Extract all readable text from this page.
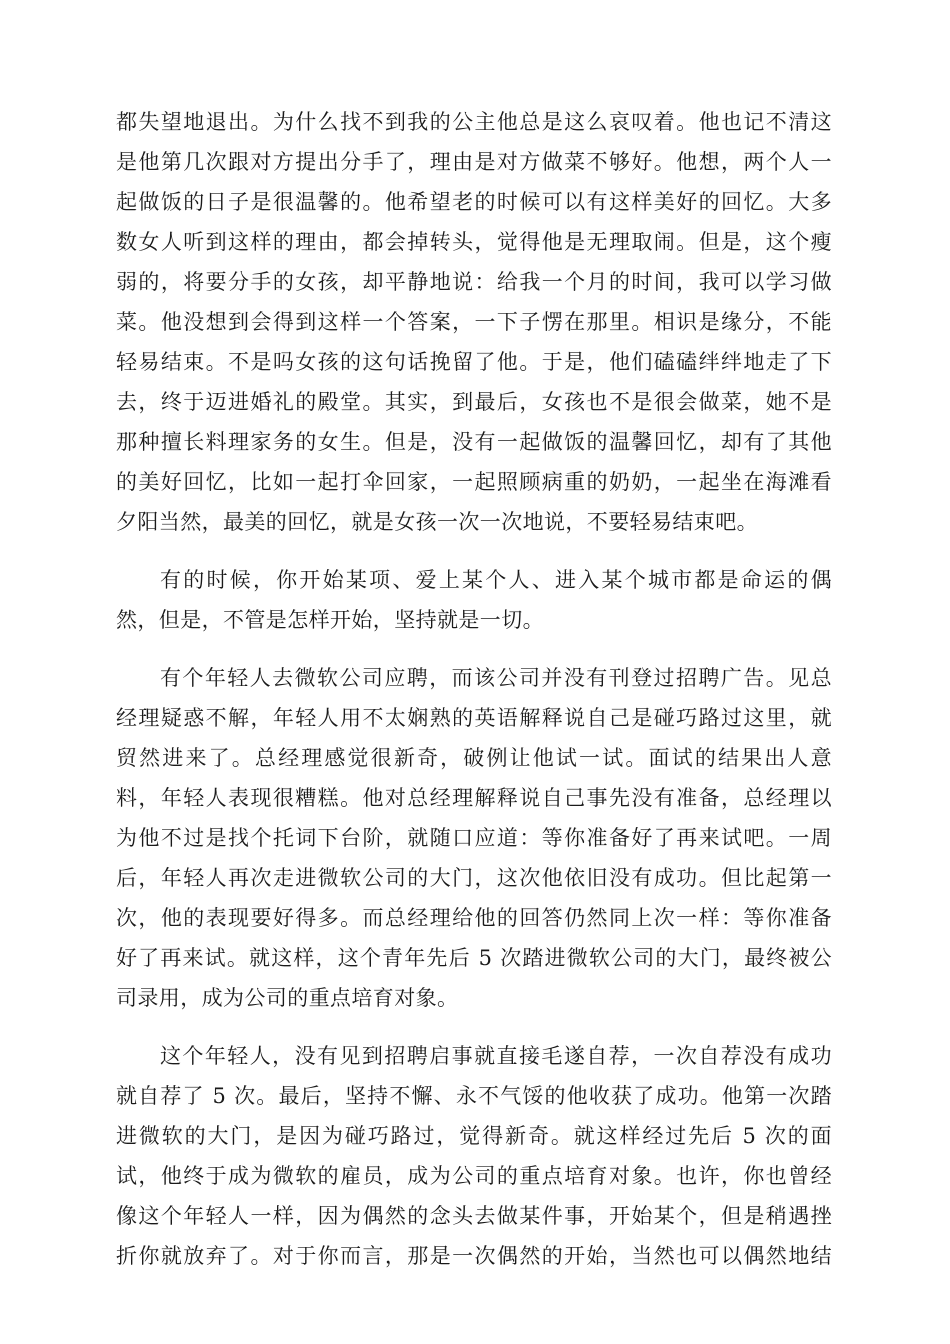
都失望地退出。为什么找不到我的公主他总是这么哀叹着。他也记不清这
是他第几次跟对方提出分手了，理由是对方做菜不够好。他想，两个人一
起做饭的日子是很温馨的。他希望老的时候可以有这样美好的回忆。大多
数女人听到这样的理由，都会掉转头，觉得他是无理取闹。但是，这个瘦
弱的，将要分手的女孩，却平静地说：给我一个月的时间，我可以学习做
菜。他没想到会得到这样一个答案，一下子愣在那里。相识是缘分，不能
轻易结束。不是吗女孩的这句话挽留了他。于是，他们磕磕绊绊地走了下
去，终于迈进婚礼的殿堂。其实，到最后，女孩也不是很会做菜，她不是
那种擅长料理家务的女生。但是，没有一起做饭的温馨回忆，却有了其他
的美好回忆，比如一起打伞回家，一起照顾病重的奶奶，一起坐在海滩看
夕阳当然，最美的回忆，就是女孩一次一次地说，不要轻易结束吧。
有的时候，你开始某项、爱上某个人、进入某个城市都是命运的偶
然，但是，不管是怎样开始，坚持就是一切。
有个年轻人去微软公司应聘，而该公司并没有刊登过招聘广告。见总
经理疑惑不解，年轻人用不太娴熟的英语解释说自己是碰巧路过这里，就
贸然进来了。总经理感觉很新奇，破例让他试一试。面试的结果出人意
料，年轻人表现很糟糕。他对总经理解释说自己事先没有准备，总经理以
为他不过是找个托词下台阶，就随口应道：等你准备好了再来试吧。一周
后，年轻人再次走进微软公司的大门，这次他依旧没有成功。但比起第一
次，他的表现要好得多。而总经理给他的回答仍然同上次一样：等你准备
好了再来试。就这样，这个青年先后 5 次踏进微软公司的大门，最终被公
司录用，成为公司的重点培育对象。
这个年轻人，没有见到招聘启事就直接毛遂自荐，一次自荐没有成功
就自荐了 5 次。最后，坚持不懈、永不气馁的他收获了成功。他第一次踏
进微软的大门，是因为碰巧路过，觉得新奇。就这样经过先后 5 次的面
试，他终于成为微软的雇员，成为公司的重点培育对象。也许，你也曾经
像这个年轻人一样，因为偶然的念头去做某件事，开始某个，但是稍遇挫
折你就放弃了。对于你而言，那是一次偶然的开始，当然也可以偶然地结
